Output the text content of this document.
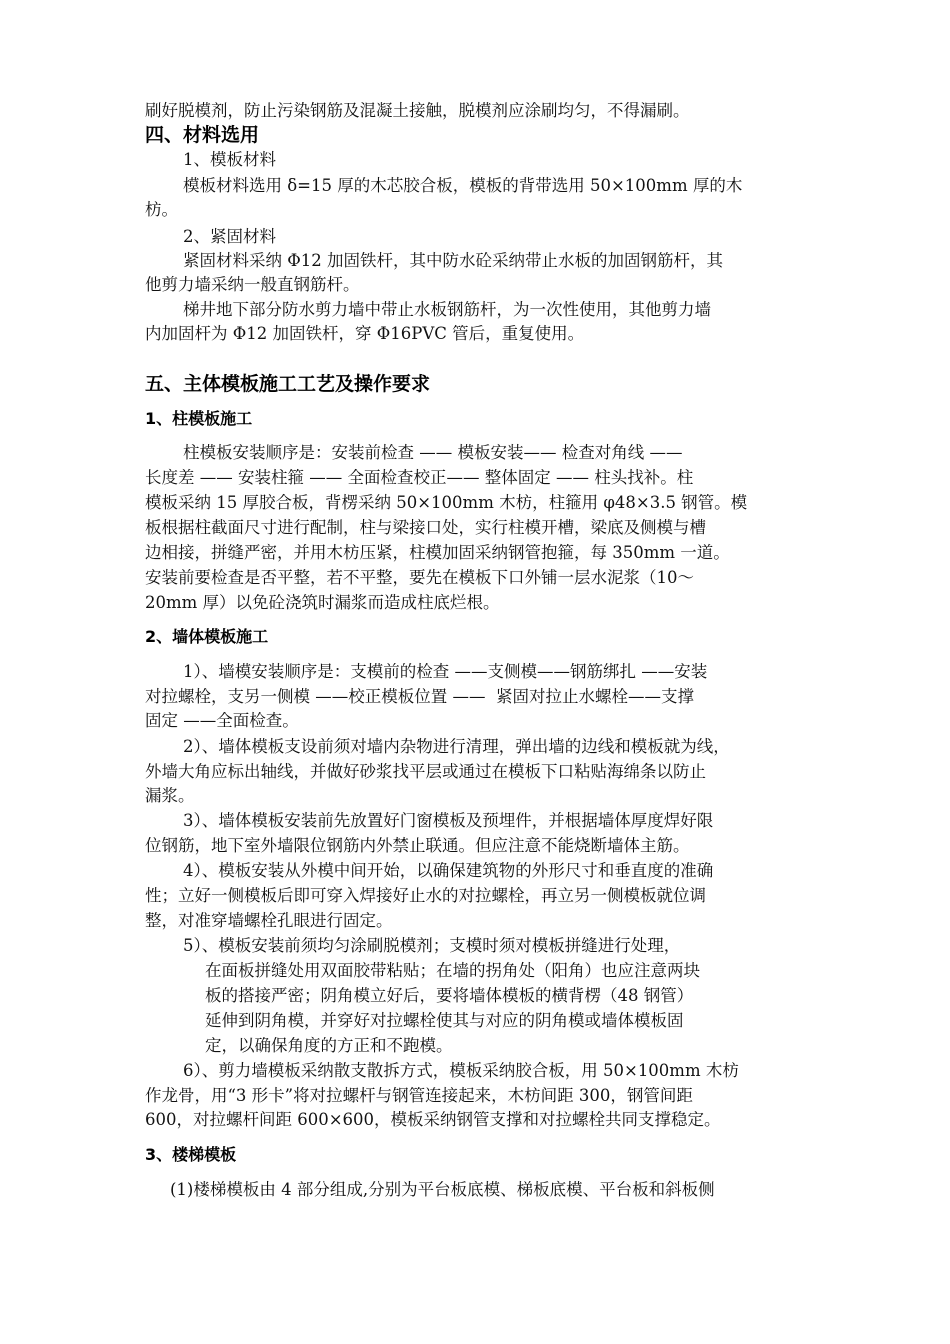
刷好脱模剂，防止污染钢筋及混凝土接触，脱模剂应涂刷均匀，不得漏刷。
四、材料选用
1、模板材料
模板材料选用 δ=15 厚的木芯胶合板，模板的背带选用 50×100mm 厚的木
枋。
2、紧固材料
紧固材料采纳 Φ12 加固铁杆，其中防水砼采纳带止水板的加固钢筋杆，其
他剪力墙采纳一般直钢筋杆。
梯井地下部分防水剪力墙中带止水板钢筋杆，为一次性使用，其他剪力墙
内加固杆为 Φ12 加固铁杆，穿 Φ16PVC 管后，重复使用。
五、主体模板施工工艺及操作要求
1、柱模板施工
柱模板安装顺序是：安装前检查 —— 模板安装—— 检查对角线 ——
长度差 —— 安装柱箍 —— 全面检查校正—— 整体固定 —— 柱头找补。柱
模板采纳 15 厚胶合板，背楞采纳 50×100mm 木枋，柱箍用 φ48×3.5 钢管。模
板根据柱截面尺寸进行配制，柱与梁接口处，实行柱模开槽，梁底及侧模与槽
边相接，拼缝严密，并用木枋压紧，柱模加固采纳钢管抱箍，每 350mm 一道。
安装前要检查是否平整，若不平整，要先在模板下口外铺一层水泥浆（10～
20mm 厚）以免砼浇筑时漏浆而造成柱底烂根。
2、墙体模板施工
1）、墙模安装顺序是：支模前的检查 ——支侧模——钢筋绑扎 ——安装
对拉螺栓，支另一侧模 ——校正模板位置 ——  紧固对拉止水螺栓——支撑
固定 ——全面检查。
2）、墙体模板支设前须对墙内杂物进行清理，弹出墙的边线和模板就为线，
外墙大角应标出轴线，并做好砂浆找平层或通过在模板下口粘贴海绵条以防止
漏浆。
3）、墙体模板安装前先放置好门窗模板及预埋件，并根据墙体厚度焊好限
位钢筋，地下室外墙限位钢筋内外禁止联通。但应注意不能烧断墙体主筋。
4）、模板安装从外模中间开始，以确保建筑物的外形尺寸和垂直度的准确
性；立好一侧模板后即可穿入焊接好止水的对拉螺栓，再立另一侧模板就位调
整，对准穿墙螺栓孔眼进行固定。
5）、模板安装前须均匀涂刷脱模剂；支模时须对模板拼缝进行处理，
在面板拼缝处用双面胶带粘贴；在墙的拐角处（阳角）也应注意两块
板的搭接严密；阴角模立好后，要将墙体模板的横背楞（48 钢管）
延伸到阴角模，并穿好对拉螺栓使其与对应的阴角模或墙体模板固
定，以确保角度的方正和不跑模。
6）、剪力墙模板采纳散支散拆方式，模板采纳胶合板，用 50×100mm 木枋
作龙骨，用“3 形卡”将对拉螺杆与钢管连接起来，木枋间距 300，钢管间距
600，对拉螺杆间距 600×600，模板采纳钢管支撑和对拉螺栓共同支撑稳定。
3、楼梯模板
(1)楼梯模板由 4 部分组成,分别为平台板底模、梯板底模、平台板和斜板侧
